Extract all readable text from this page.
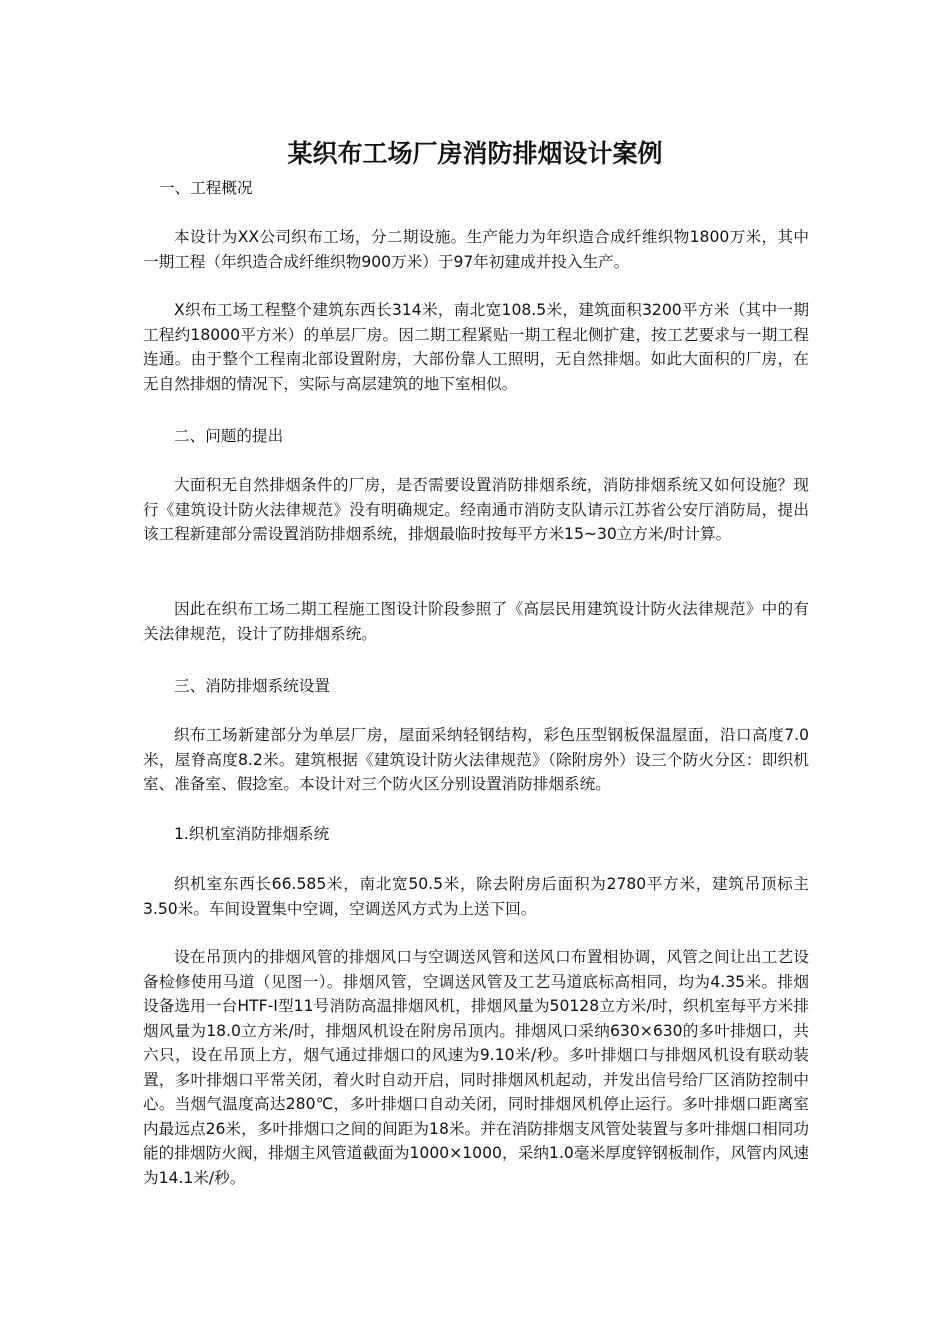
某织布工场厂房消防排烟设计案例

一、工程概况

本设计为XX公司织布工场，分二期设施。生产能力为年织造合成纤维织物1800万米，其中一期工程（年织造合成纤维织物900万米）于97年初建成并投入生产。

X织布工场工程整个建筑东西长314米，南北宽108.5米，建筑面积3200平方米（其中一期工程约18000平方米）的单层厂房。因二期工程紧贴一期工程北侧扩建，按工艺要求与一期工程连通。由于整个工程南北部设置附房，大部份靠人工照明，无自然排烟。如此大面积的厂房，在无自然排烟的情况下，实际与高层建筑的地下室相似。

二、问题的提出

大面积无自然排烟条件的厂房，是否需要设置消防排烟系统，消防排烟系统又如何设施？现行《建筑设计防火法律规范》没有明确规定。经南通市消防支队请示江苏省公安厅消防局，提出该工程新建部分需设置消防排烟系统，排烟最临时按每平方米15~30立方米/时计算。

因此在织布工场二期工程施工图设计阶段参照了《高层民用建筑设计防火法律规范》中的有关法律规范，设计了防排烟系统。

三、消防排烟系统设置

织布工场新建部分为单层厂房，屋面采纳轻钢结构，彩色压型钢板保温屋面，沿口高度7.0米，屋脊高度8.2米。建筑根据《建筑设计防火法律规范》（除附房外）设三个防火分区：即织机室、准备室、假捻室。本设计对三个防火区分别设置消防排烟系统。

1.织机室消防排烟系统

织机室东西长66.585米，南北宽50.5米，除去附房后面积为2780平方米，建筑吊顶标主3.50米。车间设置集中空调，空调送风方式为上送下回。

设在吊顶内的排烟风管的排烟风口与空调送风管和送风口布置相协调，风管之间让出工艺设备检修使用马道（见图一）。排烟风管，空调送风管及工艺马道底标高相同，均为4.35米。排烟设备选用一台HTF-I型11号消防高温排烟风机，排烟风量为50128立方米/时，织机室每平方米排烟风量为18.0立方米/时，排烟风机设在附房吊顶内。排烟风口采纳630×630的多叶排烟口，共六只，设在吊顶上方，烟气通过排烟口的风速为9.10米/秒。多叶排烟口与排烟风机设有联动装置，多叶排烟口平常关闭，着火时自动开启，同时排烟风机起动，并发出信号给厂区消防控制中心。当烟气温度高达280℃，多叶排烟口自动关闭，同时排烟风机停止运行。多叶排烟口距离室内最远点26米，多叶排烟口之间的间距为18米。并在消防排烟支风管处装置与多叶排烟口相同功能的排烟防火阀，排烟主风管道截面为1000×1000，采纳1.0毫米厚度锌钢板制作，风管内风速为14.1米/秒。
